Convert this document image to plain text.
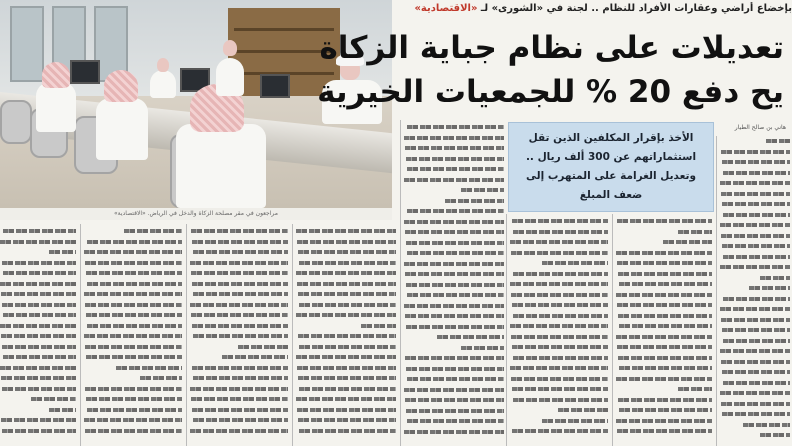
مراجعون في مقر مصلحة الزكاة والدخل في الرياض. «الاقتصادية»
بإخضاع أراضي وعقارات الأفراد للنظام .. لجنة في «الشورى» لـ «الاقتصادية»
تعديلات على نظام جباية الزكاة
يح دفع 20 % للجمعيات الخيرية
هاني بن صالح الطيار

الأخذ بإقرار المكلفين الذين تقل استثماراتهم عن 300 ألف ريال .. وتعديل الغرامة على المتهرب إلى ضعف المبلغ
